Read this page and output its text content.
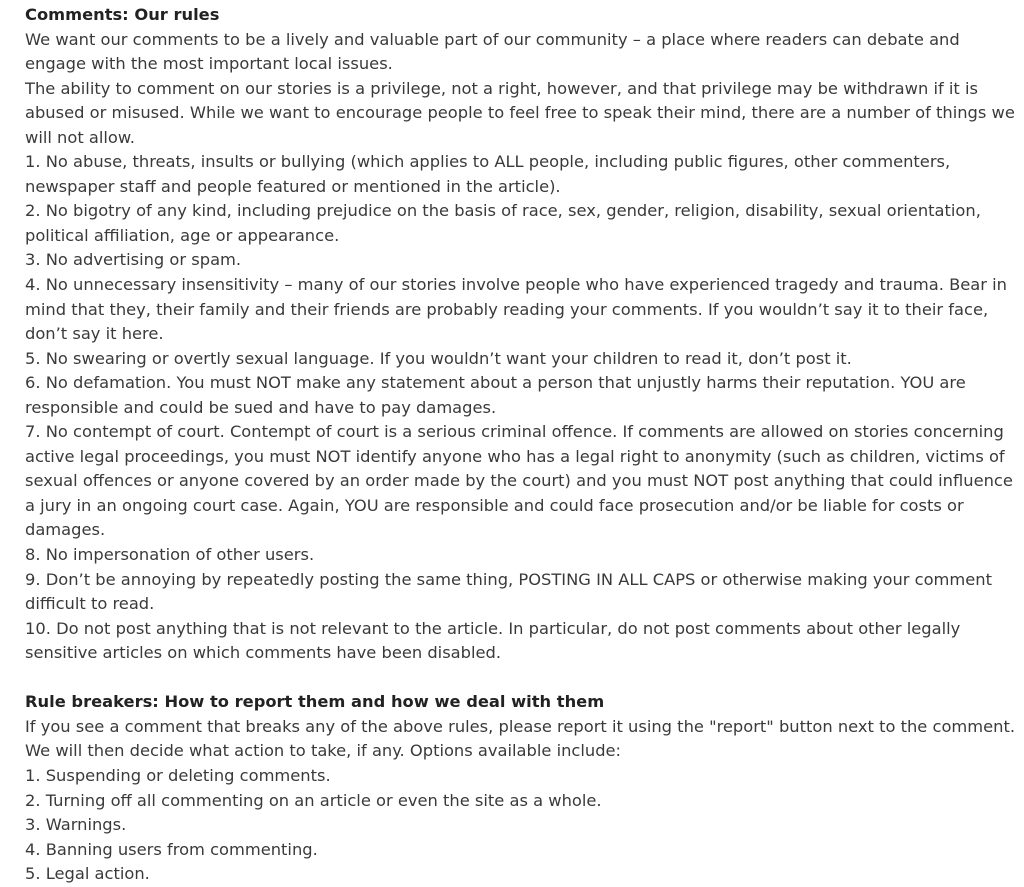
Comments: Our rules
We want our comments to be a lively and valuable part of our community – a place where readers can debate and
engage with the most important local issues.
The ability to comment on our stories is a privilege, not a right, however, and that privilege may be withdrawn if it is
abused or misused. While we want to encourage people to feel free to speak their mind, there are a number of things we
will not allow.
1. No abuse, threats, insults or bullying (which applies to ALL people, including public figures, other commenters,
newspaper staff and people featured or mentioned in the article).
2. No bigotry of any kind, including prejudice on the basis of race, sex, gender, religion, disability, sexual orientation,
political affiliation, age or appearance.
3. No advertising or spam.
4. No unnecessary insensitivity – many of our stories involve people who have experienced tragedy and trauma. Bear in
mind that they, their family and their friends are probably reading your comments. If you wouldn’t say it to their face,
don’t say it here.
5. No swearing or overtly sexual language. If you wouldn’t want your children to read it, don’t post it.
6. No defamation. You must NOT make any statement about a person that unjustly harms their reputation. YOU are
responsible and could be sued and have to pay damages.
7. No contempt of court. Contempt of court is a serious criminal offence. If comments are allowed on stories concerning
active legal proceedings, you must NOT identify anyone who has a legal right to anonymity (such as children, victims of
sexual offences or anyone covered by an order made by the court) and you must NOT post anything that could influence
a jury in an ongoing court case. Again, YOU are responsible and could face prosecution and/or be liable for costs or
damages.
8. No impersonation of other users.
9. Don’t be annoying by repeatedly posting the same thing, POSTING IN ALL CAPS or otherwise making your comment
difficult to read.
10. Do not post anything that is not relevant to the article. In particular, do not post comments about other legally
sensitive articles on which comments have been disabled.
Rule breakers: How to report them and how we deal with them
If you see a comment that breaks any of the above rules, please report it using the "report" button next to the comment.
We will then decide what action to take, if any. Options available include:
1. Suspending or deleting comments.
2. Turning off all commenting on an article or even the site as a whole.
3. Warnings.
4. Banning users from commenting.
5. Legal action.
